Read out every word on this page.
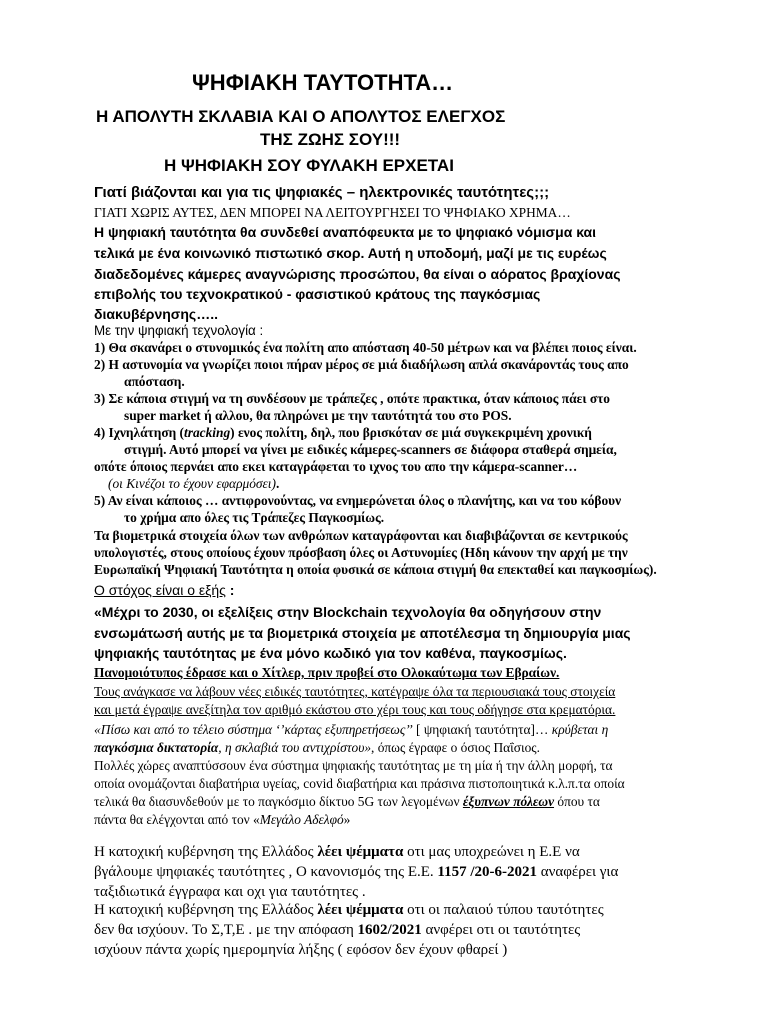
ΨΗΦΙΑΚΗ ΤΑΥΤΟΤΗΤΑ…
Η ΑΠΟΛΥΤΗ ΣΚΛΑΒΙΑ ΚΑΙ Ο ΑΠΟΛΥΤΟΣ ΕΛΕΓΧΟΣ
ΤΗΣ ΖΩΗΣ ΣΟΥ!!!
Η ΨΗΦΙΑΚΗ ΣΟΥ ΦΥΛΑΚΗ ΕΡΧΕΤΑΙ
Γιατί βιάζονται και για τις ψηφιακές – ηλεκτρονικές ταυτότητες;;;
ΓΙΑΤΙ ΧΩΡΙΣ ΑΥΤΕΣ, ΔΕΝ ΜΠΟΡΕΙ ΝΑ ΛΕΙΤΟΥΡΓΗΣΕΙ ΤΟ ΨΗΦΙΑΚΟ ΧΡΗΜΑ…
Η ψηφιακή ταυτότητα θα συνδεθεί αναπόφευκτα με το ψηφιακό νόμισμα και
τελικά με ένα κοινωνικό πιστωτικό σκορ. Αυτή η υποδομή, μαζί με τις ευρέως
διαδεδομένες κάμερες αναγνώρισης προσώπου, θα είναι ο αόρατος βραχίονας
επιβολής του τεχνοκρατικού - φασιστικού κράτους της παγκόσμιας
διακυβέρνησης…..
Με την ψηφιακή τεχνολογία :
1) Θα σκανάρει ο στυνομικός ένα πολίτη απο απόσταση 40-50 μέτρων και να βλέπει ποιος είναι.
2) Η αστυνομία να γνωρίζει ποιοι πήραν μέρος σε μιά διαδήλωση απλά σκανάροντάς τους απο
απόσταση.
3) Σε κάποια στιγμή να τη συνδέσουν με τράπεζες , οπότε πρακτικα, όταν κάποιος πάει στο
super market ή αλλου, θα πληρώνει με την ταυτότητά του στο POS.
4) Ιχνηλάτηση (tracking) ενος πολίτη, δηλ, που βρισκόταν σε μιά συγκεκριμένη χρονική
στιγμή. Αυτό μπορεί να γίνει με ειδικές κάμερες-scanners σε διάφορα σταθερά σημεία,
οπότε όποιος περνάει απο εκει καταγράφεται το ιχνος του απο την κάμερα-scanner…
(οι Κινέζοι το έχουν εφαρμόσει).
5) Αν είναι κάποιος … αντιφρονούντας, να ενημερώνεται όλος ο πλανήτης, και να του κόβουν
το χρήμα απο όλες τις Τράπεζες Παγκοσμίως.
Τα βιομετρικά στοιχεία όλων των ανθρώπων καταγράφονται και διαβιβάζονται σε κεντρικούς
υπολογιστές, στους οποίους έχουν πρόσβαση όλες οι Αστυνομίες (Ηδη κάνουν την αρχή με την
Ευρωπαϊκή Ψηφιακή Ταυτότητα η οποία φυσικά σε κάποια στιγμή θα επεκταθεί και παγκοσμίως).
Ο στόχος είναι ο εξής :
«Μέχρι το 2030, οι εξελίξεις στην Blockchain τεχνολογία θα οδηγήσουν στην
ενσωμάτωσή αυτής με τα βιομετρικά στοιχεία με αποτέλεσμα τη δημιουργία μιας
ψηφιακής ταυτότητας με ένα μόνο κωδικό για τον καθένα, παγκοσμίως.
Πανομοιότυπος έδρασε και ο Χίτλερ, πριν προβεί στο Ολοκαύτωμα των Εβραίων.
Τους ανάγκασε να λάβουν νέες ειδικές ταυτότητες, κατέγραψε όλα τα περιουσιακά τους στοιχεία
και μετά έγραψε ανεξίτηλα τον αριθμό εκάστου στο χέρι τους και τους οδήγησε στα κρεματόρια.
«Πίσω και από το τέλειο σύστημα ‘’κάρτας εξυπηρετήσεως’’ [ ψηφιακή ταυτότητα]… κρύβεται η
παγκόσμια δικτατορία, η σκλαβιά του αντιχρίστου», όπως έγραφε ο όσιος Παΐσιος.
Πολλές χώρες αναπτύσσουν ένα σύστημα ψηφιακής ταυτότητας με τη μία ή την άλλη μορφή, τα
οποία ονομάζονται διαβατήρια υγείας, covid διαβατήρια και πράσινα πιστοποιητικά κ.λ.π.τα οποία
τελικά θα διασυνδεθούν με το παγκόσμιο δίκτυο 5G των λεγομένων έξυπνων πόλεων όπου τα
πάντα θα ελέγχονται από τον «Μεγάλο Αδελφό»
Η κατοχική κυβέρνηση της Ελλάδος λέει ψέμματα οτι μας υποχρεώνει η Ε.Ε να
βγάλουμε ψηφιακές ταυτότητες , Ο κανονισμός της Ε.Ε. 1157 /20-6-2021 αναφέρει για
ταξιδιωτικά έγγραφα και οχι για ταυτότητες .
Η κατοχική κυβέρνηση της Ελλάδος λέει ψέμματα οτι οι παλαιού τύπου ταυτότητες
δεν θα ισχύουν. Το Σ,Τ,Ε . με την απόφαση 1602/2021 ανφέρει οτι οι ταυτότητες
ισχύουν πάντα χωρίς ημερομηνία λήξης ( εφόσον δεν έχουν φθαρεί )
